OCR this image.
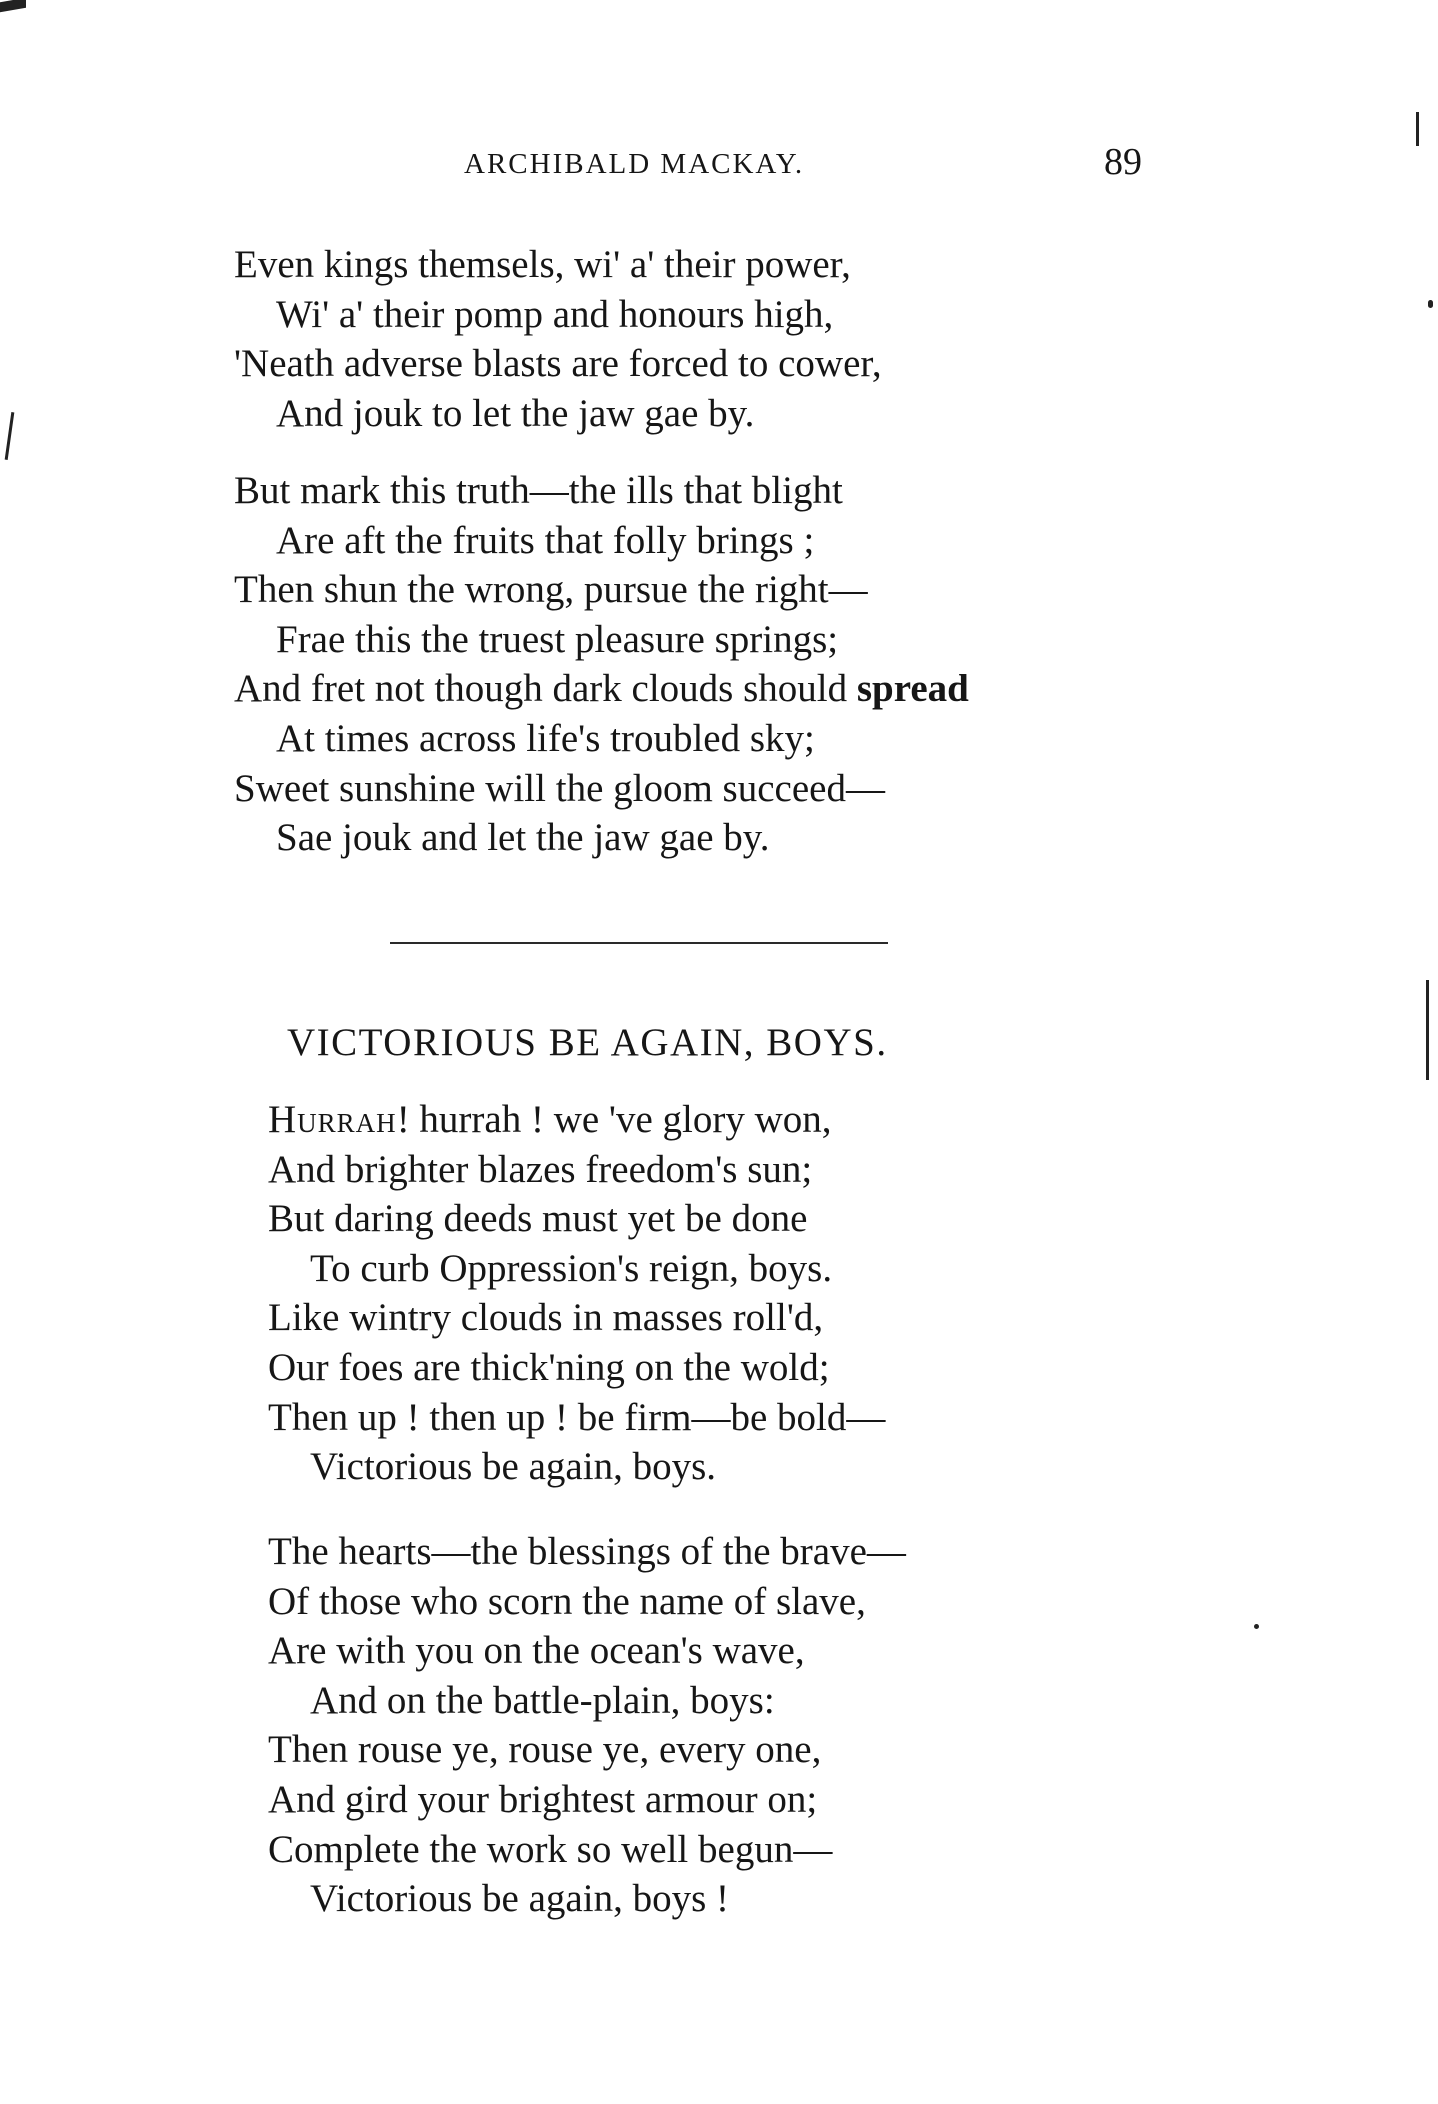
ARCHIBALD MACKAY.	89
Even kings themsels, wi' a' their power,
Wi' a' their pomp and honours high,
'Neath adverse blasts are forced to cower,
And jouk to let the jaw gae by.
But mark this truth—the ills that blight
Are aft the fruits that folly brings ;
Then shun the wrong, pursue the right—
Frae this the truest pleasure springs;
And fret not though dark clouds should spread
At times across life's troubled sky;
Sweet sunshine will the gloom succeed—
Sae jouk and let the jaw gae by.
VICTORIOUS BE AGAIN, BOYS.
Hurrah! hurrah ! we 've glory won,
And brighter blazes freedom's sun;
But daring deeds must yet be done
To curb Oppression's reign, boys.
Like wintry clouds in masses roll'd,
Our foes are thick'ning on the wold;
Then up ! then up ! be firm—be bold—
Victorious be again, boys.
The hearts—the blessings of the brave—
Of those who scorn the name of slave,
Are with you on the ocean's wave,
And on the battle-plain, boys:
Then rouse ye, rouse ye, every one,
And gird your brightest armour on;
Complete the work so well begun—
Victorious be again, boys !
